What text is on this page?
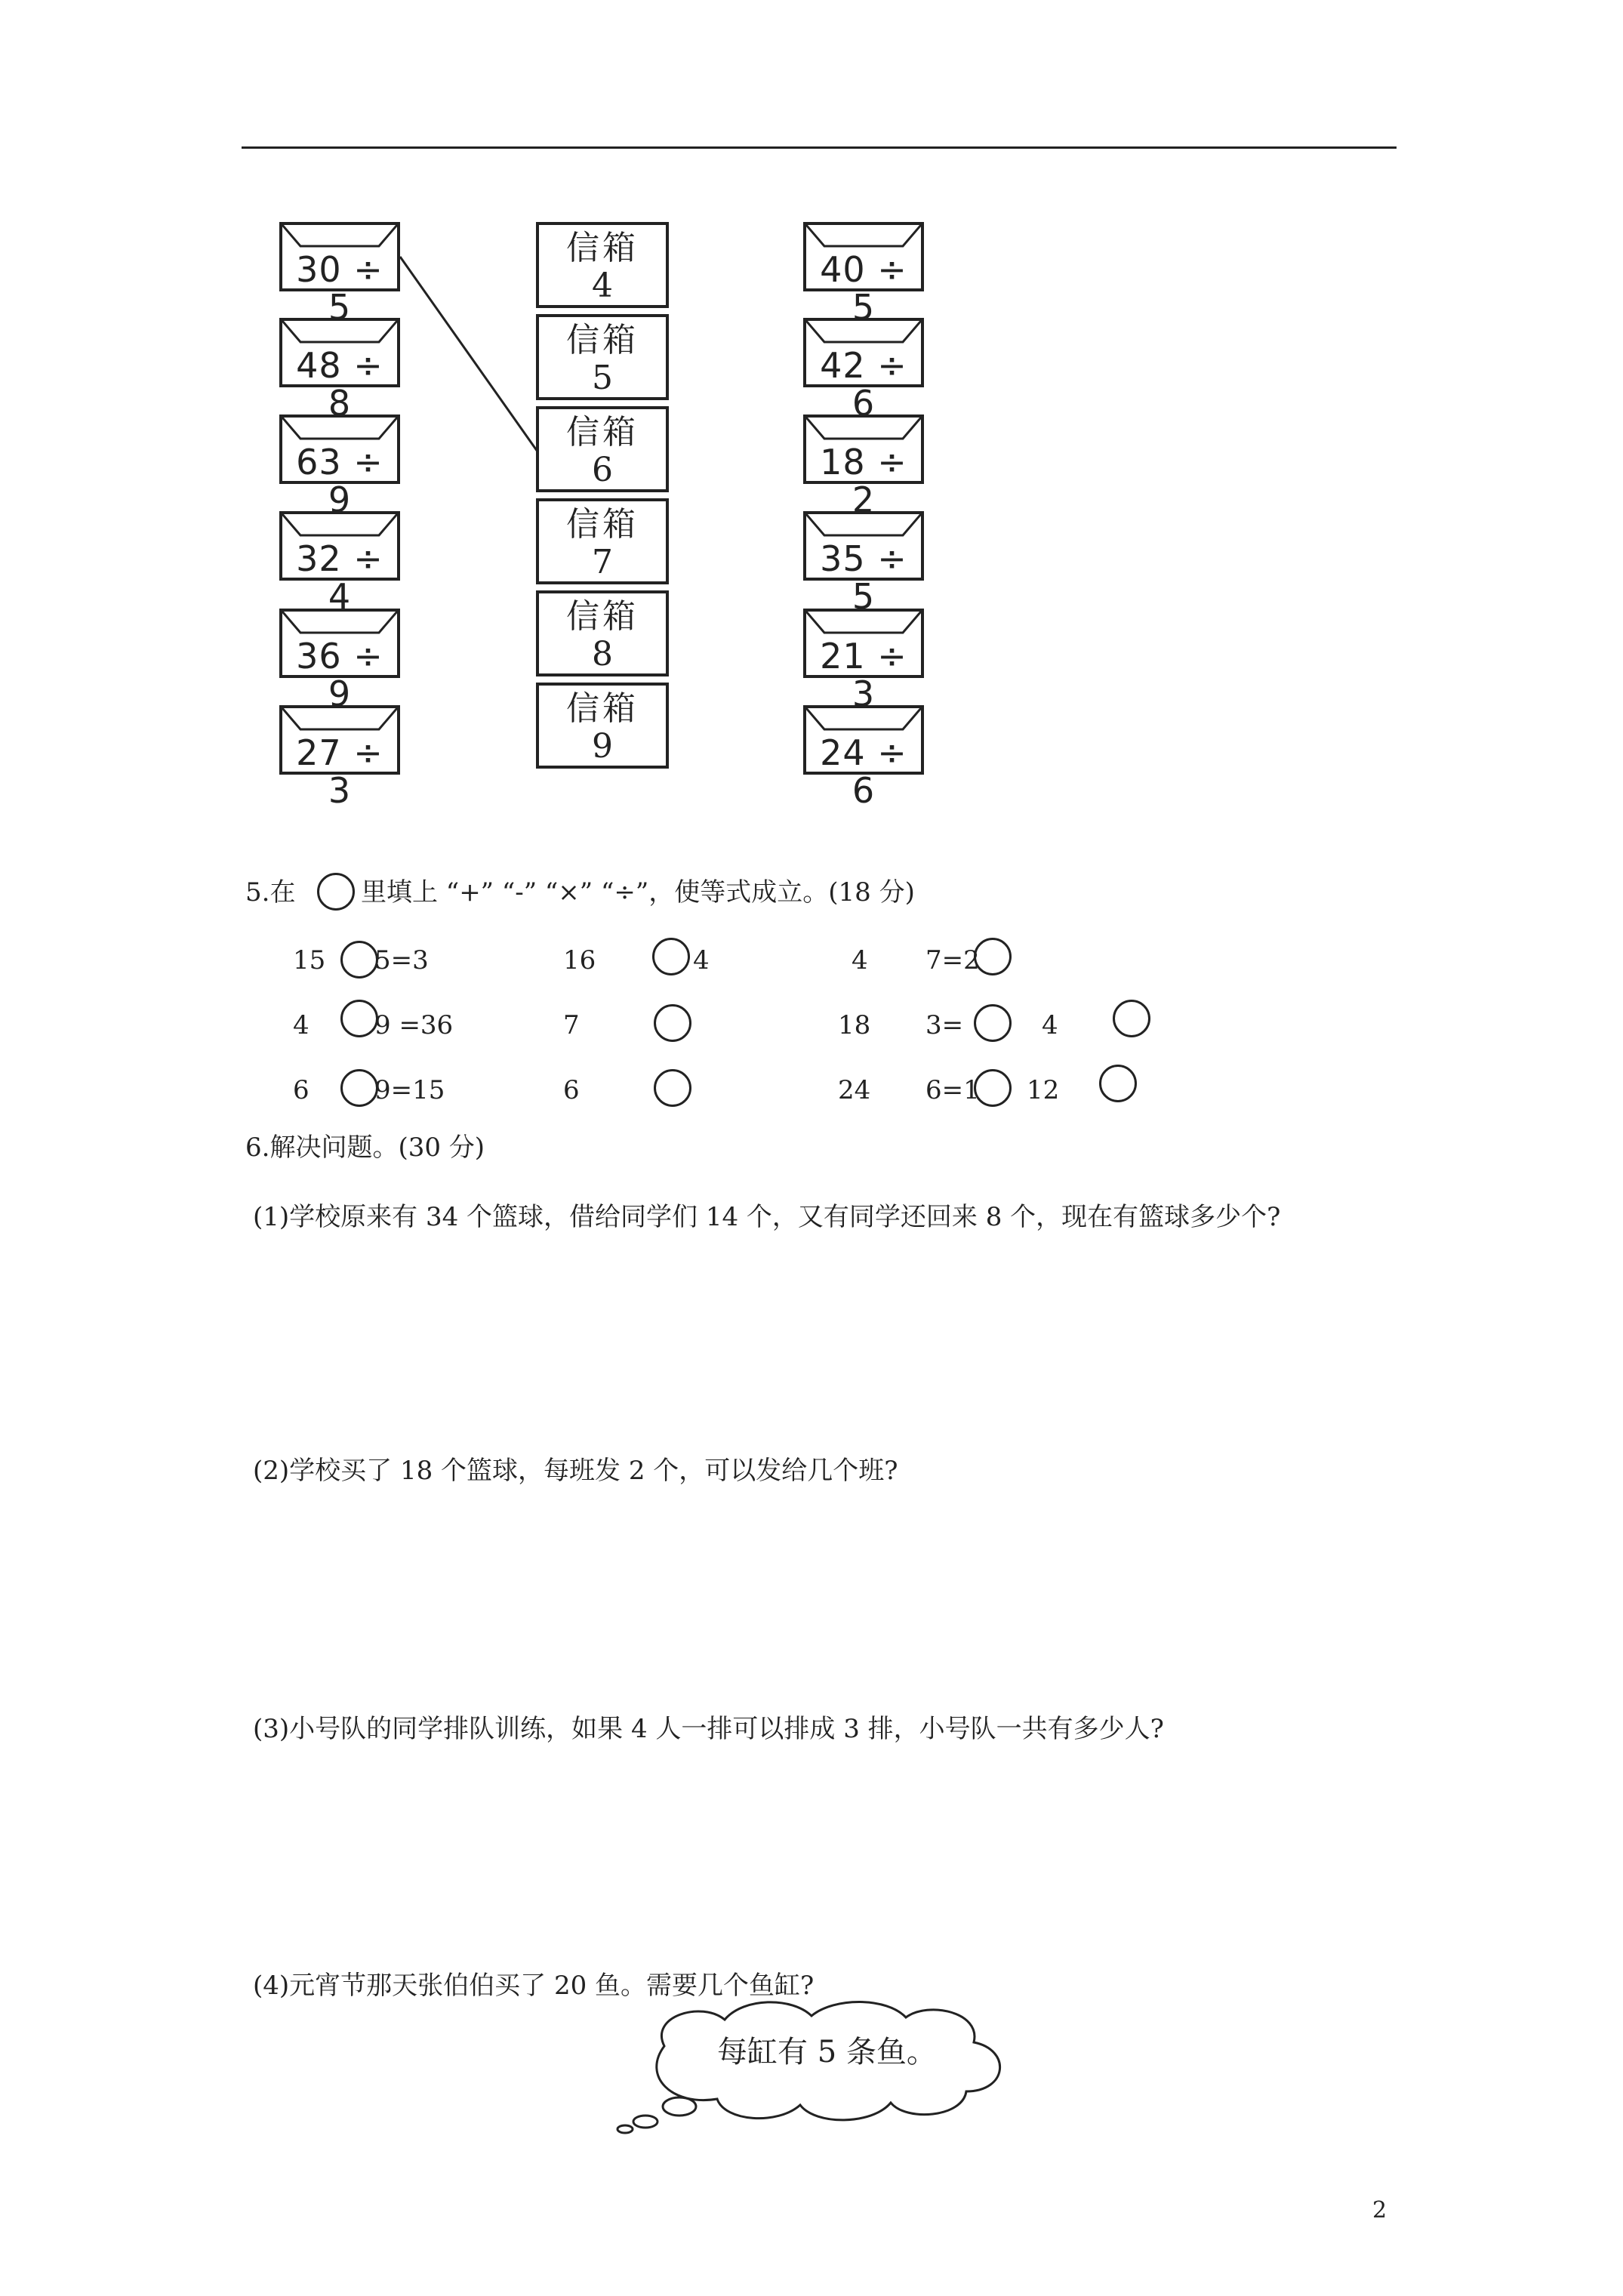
30 ÷ 5
48 ÷ 8
63 ÷ 9
32 ÷ 4
36 ÷ 9
27 ÷ 3
信箱
4
信箱
5
信箱
6
信箱
7
信箱
8
信箱
9
40 ÷ 5
42 ÷ 6
18 ÷ 2
35 ÷ 5
21 ÷ 3
24 ÷ 6
5.在	里填上 “+” “-” “×” “÷”，使等式成立。(18 分)
15 5=3	16	4	4 7=2
4	9 =36	7	18 3=	4
6	9=15	6	24 6=1 12
6.解决问题。(30 分)
(1)学校原来有 34 个篮球，借给同学们 14 个，又有同学还回来 8 个，现在有篮球多少个?
(2)学校买了 18 个篮球，每班发 2 个，可以发给几个班?
(3)小号队的同学排队训练，如果 4 人一排可以排成 3 排，小号队一共有多少人?
(4)元宵节那天张伯伯买了 20 鱼。需要几个鱼缸?
每缸有 5 条鱼。
2
